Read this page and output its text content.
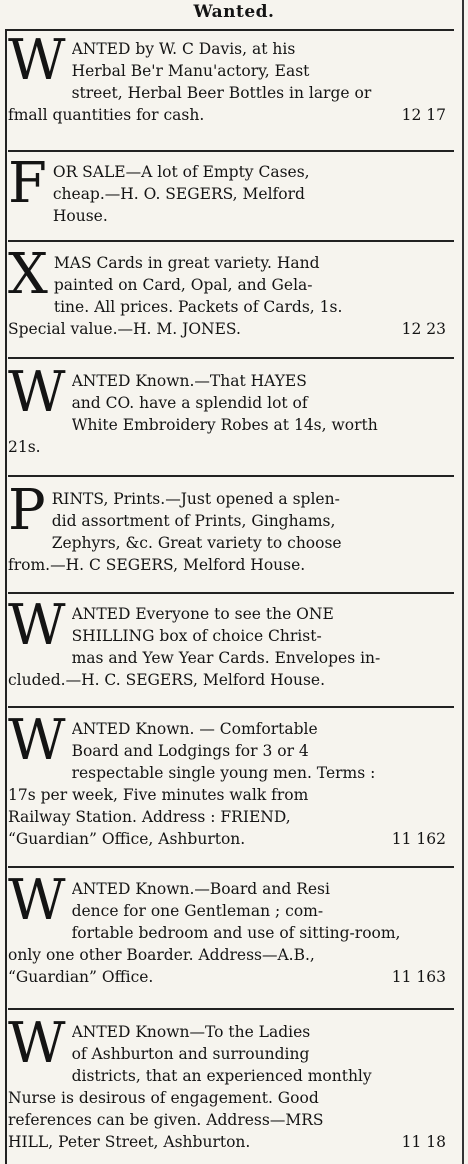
Wanted.
W ANTED by W. C Davis, at his
Herbal Be'r Manu'actory, East
street, Herbal Beer Bottles in large or
fmall quantities for cash.	12 17
F OR SALE—A lot of Empty Cases,
cheap.—H. O. SEGERS, Melford
House.
X MAS Cards in great variety. Hand
painted on Card, Opal, and Gela-
tine. All prices. Packets of Cards, 1s.
Special value.—H. M. JONES.	12 23
W ANTED Known.—That HAYES
and CO. have a splendid lot of
White Embroidery Robes at 14s, worth
21s.
P RINTS, Prints.—Just opened a splen-
did assortment of Prints, Ginghams,
Zephyrs, &c. Great variety to choose
from.—H. C SEGERS, Melford House.
W ANTED Everyone to see the ONE
SHILLING box of choice Christ-
mas and Yew Year Cards. Envelopes in-
cluded.—H. C. SEGERS, Melford House.
W ANTED Known. — Comfortable
Board and Lodgings for 3 or 4
respectable single young men. Terms :
17s per week, Five minutes walk from
Railway Station. Address : FRIEND,
“Guardian” Office, Ashburton.	11 162
W ANTED Known.—Board and Resi
dence for one Gentleman ; com-
fortable bedroom and use of sitting-room,
only one other Boarder. Address—A.B.,
“Guardian” Office.	11 163
W ANTED Known—To the Ladies
of Ashburton and surrounding
districts, that an experienced monthly
Nurse is desirous of engagement. Good
references can be given. Address—MRS
HILL, Peter Street, Ashburton.	11 18
